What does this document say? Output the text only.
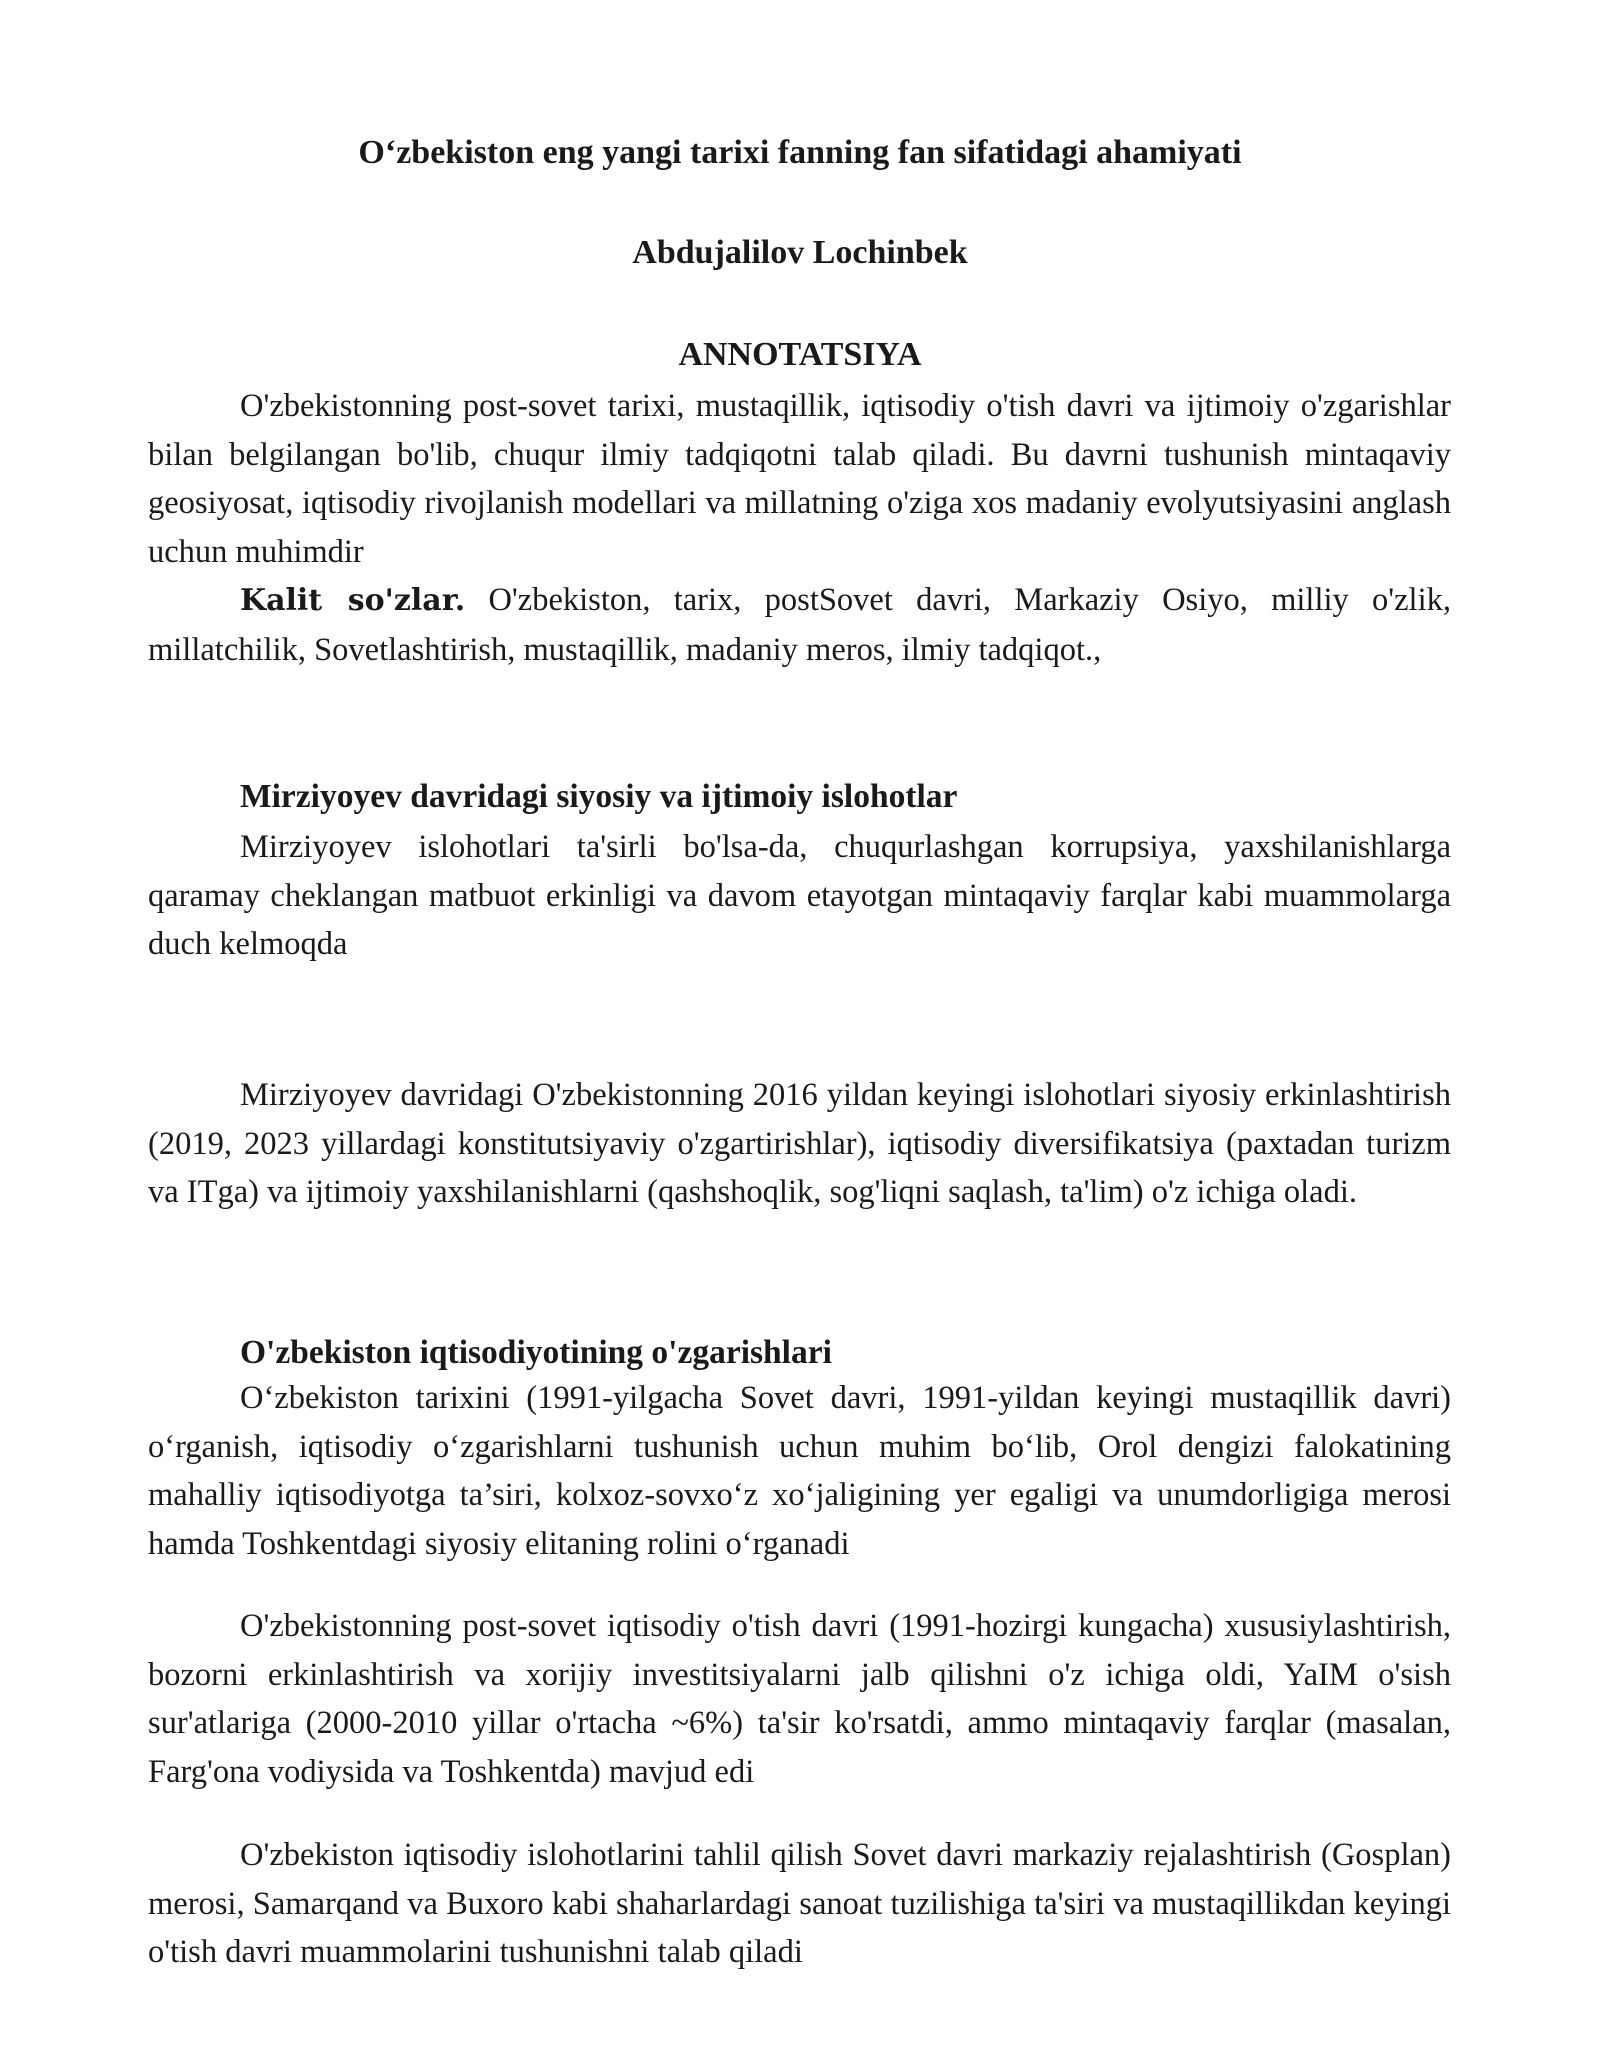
O‘zbekiston eng yangi tarixi fanning fan sifatidagi ahamiyati
Abdujalilov Lochinbek
ANNOTATSIYA
O'zbekistonning post-sovet tarixi, mustaqillik, iqtisodiy o'tish davri va ijtimoiy o'zgarishlar bilan belgilangan bo'lib, chuqur ilmiy tadqiqotni talab qiladi. Bu davrni tushunish mintaqaviy geosiyosat, iqtisodiy rivojlanish modellari va millatning o'ziga xos madaniy evolyutsiyasini anglash uchun muhimdir
Kalit so'zlar. O'zbekiston, tarix, postSovet davri, Markaziy Osiyo, milliy o'zlik, millatchilik, Sovetlashtirish, mustaqillik, madaniy meros, ilmiy tadqiqot.,
Mirziyoyev davridagi siyosiy va ijtimoiy islohotlar
Mirziyoyev islohotlari ta'sirli bo'lsa-da, chuqurlashgan korrupsiya, yaxshilanishlarga qaramay cheklangan matbuot erkinligi va davom etayotgan mintaqaviy farqlar kabi muammolarga duch kelmoqda
Mirziyoyev davridagi O'zbekistonning 2016 yildan keyingi islohotlari siyosiy erkinlashtirish (2019, 2023 yillardagi konstitutsiyaviy o'zgartirishlar), iqtisodiy diversifikatsiya (paxtadan turizm va ITga) va ijtimoiy yaxshilanishlarni (qashshoqlik, sog'liqni saqlash, ta'lim) o'z ichiga oladi.
O'zbekiston iqtisodiyotining o'zgarishlari
O‘zbekiston tarixini (1991-yilgacha Sovet davri, 1991-yildan keyingi mustaqillik davri) o‘rganish, iqtisodiy o‘zgarishlarni tushunish uchun muhim bo‘lib, Orol dengizi falokatining mahalliy iqtisodiyotga ta’siri, kolxoz-sovxo‘z xo‘jaligining yer egaligi va unumdorligiga merosi hamda Toshkentdagi siyosiy elitaning rolini o‘rganadi
O'zbekistonning post-sovet iqtisodiy o'tish davri (1991-hozirgi kungacha) xususiylashtirish, bozorni erkinlashtirish va xorijiy investitsiyalarni jalb qilishni o'z ichiga oldi, YaIM o'sish sur'atlariga (2000-2010 yillar o'rtacha ~6%) ta'sir ko'rsatdi, ammo mintaqaviy farqlar (masalan, Farg'ona vodiysida va Toshkentda) mavjud edi
O'zbekiston iqtisodiy islohotlarini tahlil qilish Sovet davri markaziy rejalashtirish (Gosplan) merosi, Samarqand va Buxoro kabi shaharlardagi sanoat tuzilishiga ta'siri va mustaqillikdan keyingi o'tish davri muammolarini tushunishni talab qiladi
